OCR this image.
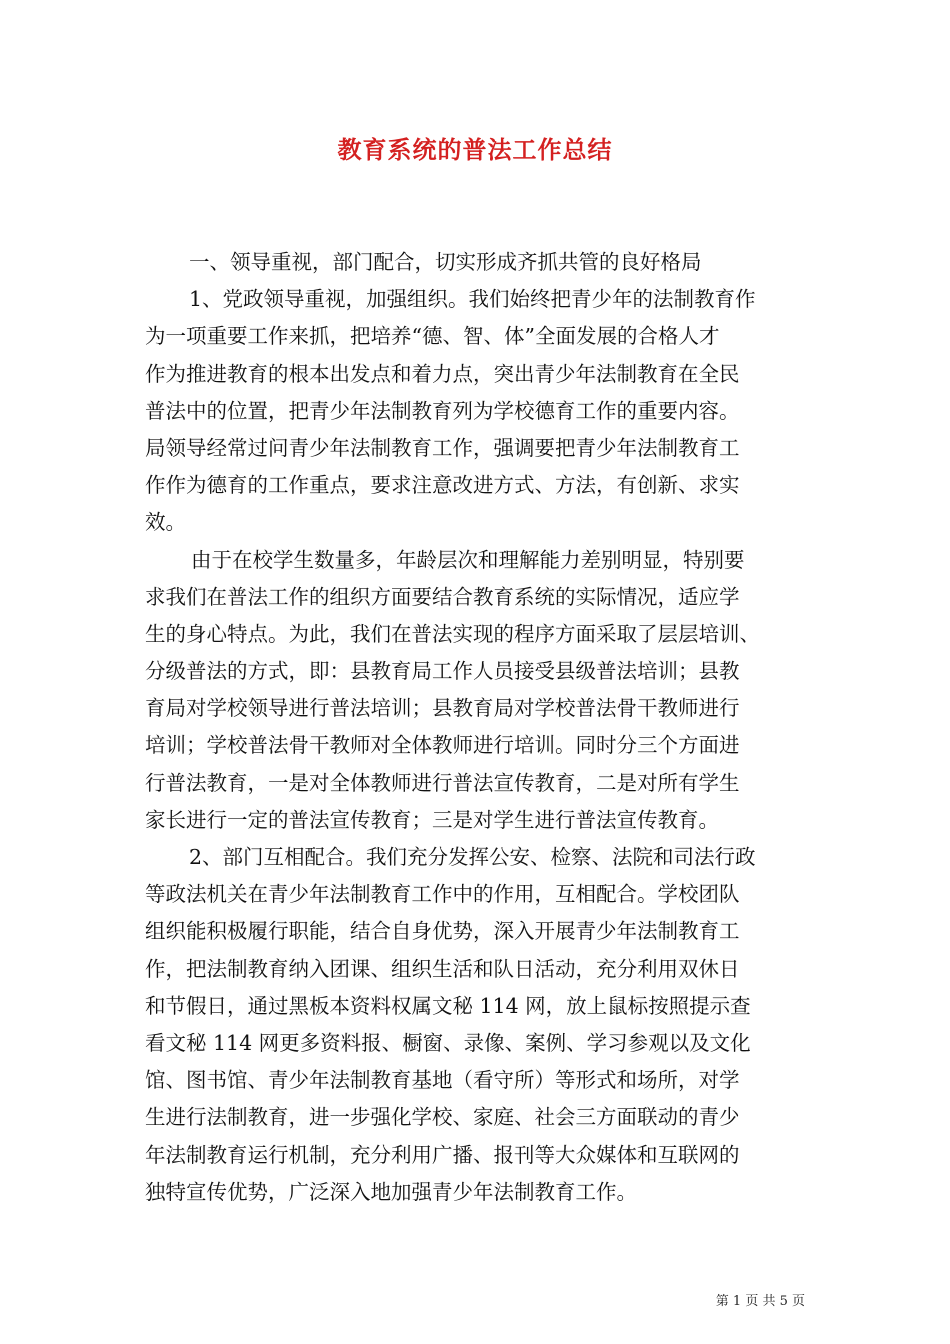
教育系统的普法工作总结
一、领导重视，部门配合，切实形成齐抓共管的良好格局
1、党政领导重视，加强组织。我们始终把青少年的法制教育作
为一项重要工作来抓，把培养“德、智、体”全面发展的合格人才
作为推进教育的根本出发点和着力点，突出青少年法制教育在全民
普法中的位置，把青少年法制教育列为学校德育工作的重要内容。
局领导经常过问青少年法制教育工作，强调要把青少年法制教育工
作作为德育的工作重点，要求注意改进方式、方法，有创新、求实
效。
由于在校学生数量多，年龄层次和理解能力差别明显，特别要
求我们在普法工作的组织方面要结合教育系统的实际情况，适应学
生的身心特点。为此，我们在普法实现的程序方面采取了层层培训、
分级普法的方式，即：县教育局工作人员接受县级普法培训；县教
育局对学校领导进行普法培训；县教育局对学校普法骨干教师进行
培训；学校普法骨干教师对全体教师进行培训。同时分三个方面进
行普法教育，一是对全体教师进行普法宣传教育，二是对所有学生
家长进行一定的普法宣传教育；三是对学生进行普法宣传教育。
2、部门互相配合。我们充分发挥公安、检察、法院和司法行政
等政法机关在青少年法制教育工作中的作用，互相配合。学校团队
组织能积极履行职能，结合自身优势，深入开展青少年法制教育工
作，把法制教育纳入团课、组织生活和队日活动，充分利用双休日
和节假日，通过黑板本资料权属文秘 114 网，放上鼠标按照提示查
看文秘 114 网更多资料报、橱窗、录像、案例、学习参观以及文化
馆、图书馆、青少年法制教育基地（看守所）等形式和场所，对学
生进行法制教育，进一步强化学校、家庭、社会三方面联动的青少
年法制教育运行机制，充分利用广播、报刊等大众媒体和互联网的
独特宣传优势，广泛深入地加强青少年法制教育工作。
第 1 页 共 5 页
